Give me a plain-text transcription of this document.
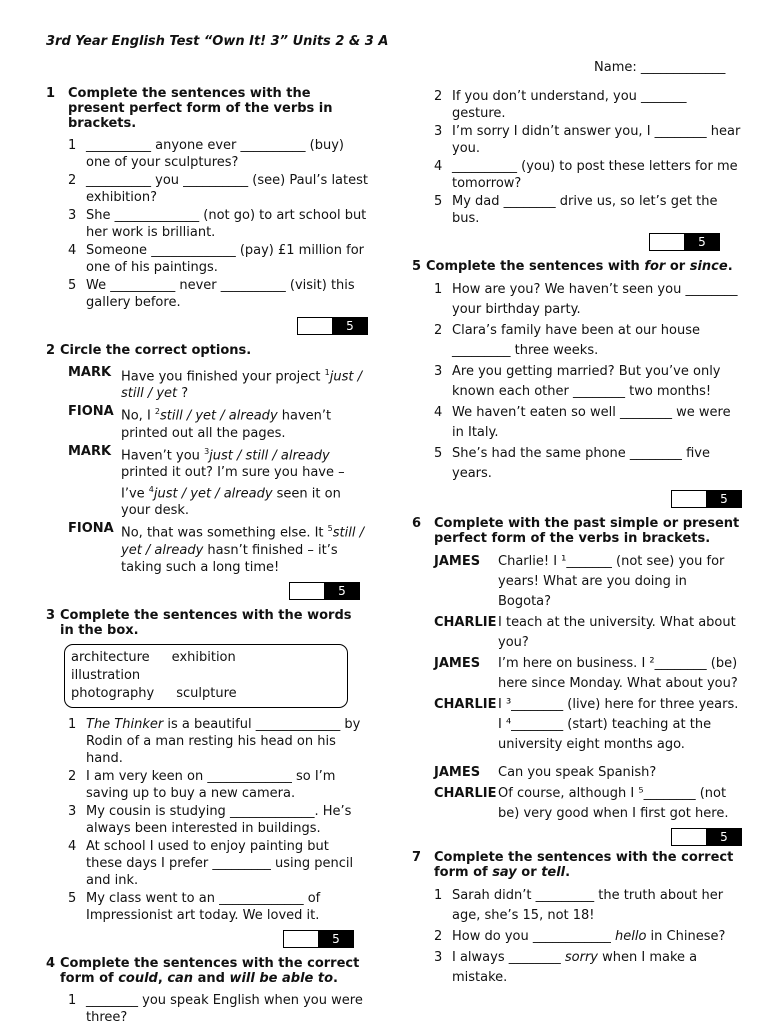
3rd Year English Test “Own It! 3” Units 2 & 3 A
Name: _____________
1 Complete the sentences with the present perfect form of the verbs in brackets.
1 __________ anyone ever __________ (buy) one of your sculptures?
2 __________ you __________ (see) Paul’s latest exhibition?
3 She _____________ (not go) to art school but her work is brilliant.
4 Someone _____________ (pay) £1 million for one of his paintings.
5 We __________ never __________ (visit) this gallery before.
5
2 Circle the correct options.
MARK Have you finished your project $^1$just / still / yet ?
FIONA No, I $^2$still / yet / already haven’t printed out all the pages.
MARK Haven’t you $^3$just / still / already printed it out? I’m sure you have – I’ve $^4$just / yet / already seen it on your desk.
FIONA No, that was something else. It $^5$still / yet / already hasn’t finished – it’s taking such a long time!
5
3 Complete the sentences with the words in the box.
architecture exhibitionillustration
photography sculpture
1 The Thinker is a beautiful _____________ by Rodin of a man resting his head on his hand.
2 I am very keen on _____________ so I’m saving up to buy a new camera.
3 My cousin is studying _____________. He’s always been interested in buildings.
4 At school I used to enjoy painting but these days I prefer _________ using pencil and ink.
5 My class went to an _____________ of Impressionist art today. We loved it.
5
4 Complete the sentences with the correct form of could, can and will be able to.
1 ________ you speak English when you were three?
2 If you don’t understand, you _______ gesture.
3 I’m sorry I didn’t answer you, I ________ hear you.
4 __________ (you) to post these letters for me tomorrow?
5 My dad ________ drive us, so let’s get the bus.
5
5 Complete the sentences with for or since.
1 How are you? We haven’t seen you ________ your birthday party.
2 Clara’s family have been at our house _________ three weeks.
3 Are you getting married? But you’ve only known each other ________ two months!
4 We haven’t eaten so well ________ we were in Italy.
5 She’s had the same phone ________ five years.
5
6 Complete with the past simple or present perfect form of the verbs in brackets.
JAMES	Charlie! I ¹_______ (not see) you for years! What are you doing in Bogota?
CHARLIE I teach at the university. What about you?
JAMES	I’m here on business. I ²________ (be) here since Monday. What about you?
CHARLIE I ³________ (live) here for three years. I ⁴________ (start) teaching at the university eight months ago.
JAMES	Can you speak Spanish?
CHARLIE Of course, although I ⁵________ (not be) very good when I first got here.
5
7 Complete the sentences with the correct form of say or tell.
1 Sarah didn’t _________ the truth about her age, she’s 15, not 18!
2 How do you ____________ hello in Chinese?
3 I always ________ sorry when I make a mistake.
